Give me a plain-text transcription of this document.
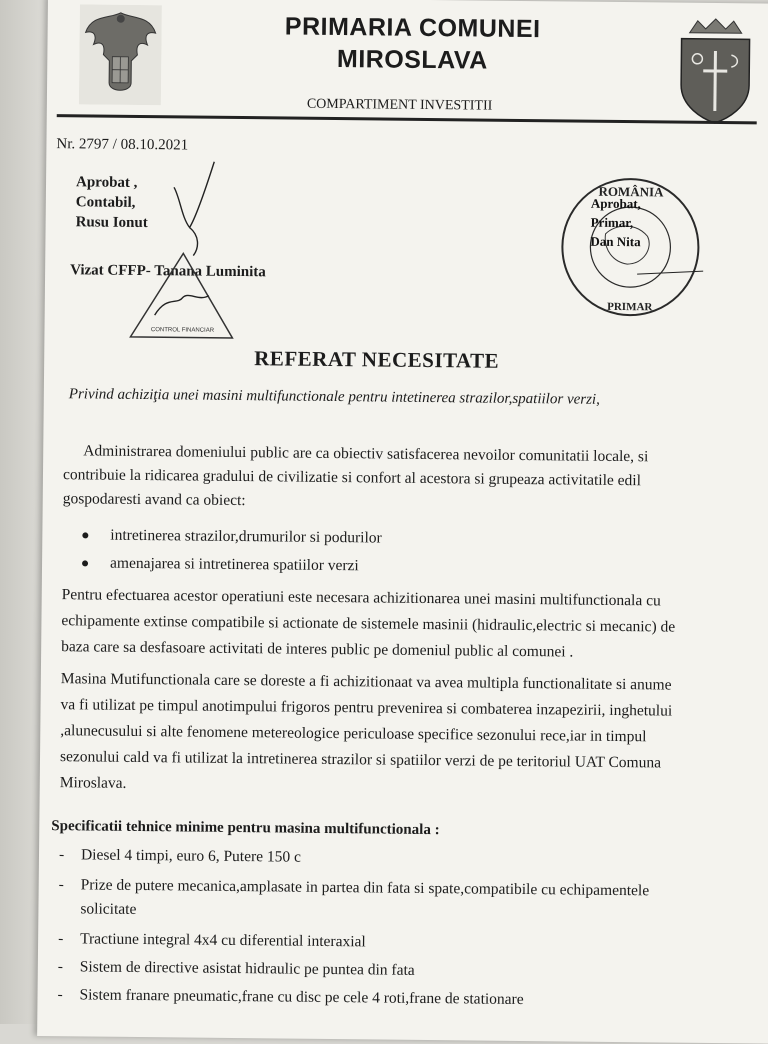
PRIMARIA COMUNEI
MIROSLAVA
COMPARTIMENT INVESTITII
Nr. 2797 / 08.10.2021
Aprobat ,
Contabil,
Rusu Ionut
Vizat CFFP- Tanana Luminita
CONTROL FINANCIAR
ROMÂNIA
PRIMAR
Aprobat,
Primar,
Dan Nita
REFERAT NECESITATE
Privind achiziţia unei masini multifunctionale pentru intetinerea strazilor,spatiilor verzi,
Administrarea domeniului public are ca obiectiv satisfacerea nevoilor comunitatii locale, si
contribuie la ridicarea gradului de civilizatie si confort al acestora si grupeaza activitatile edil
gospodaresti avand ca obiect:
intretinerea strazilor,drumurilor si podurilor
amenajarea si intretinerea spatiilor verzi
Pentru efectuarea acestor operatiuni este necesara achizitionarea unei masini multifunctionala cu
echipamente extinse compatibile si actionate de sistemele masinii (hidraulic,electric si mecanic) de
baza care sa desfasoare activitati de interes public pe domeniul public al comunei .
Masina Mutifunctionala care se doreste a fi achizitionaat va avea multipla functionalitate si anume
va fi utilizat pe timpul anotimpului frigoros pentru prevenirea si combaterea inzapezirii, inghetului
,alunecusului si alte fenomene metereologice periculoase specifice sezonului rece,iar in timpul
sezonului cald va fi utilizat la intretinerea strazilor si spatiilor verzi de pe teritoriul UAT Comuna
Miroslava.
Specificatii tehnice minime pentru masina multifunctionala :
- Diesel 4 timpi, euro 6, Putere 150 c
- Prize de putere mecanica,amplasate in partea din fata si spate,compatibile cu echipamentele
solicitate
- Tractiune integral 4x4 cu diferential interaxial
- Sistem de directive asistat hidraulic pe puntea din fata
- Sistem franare pneumatic,frane cu disc pe cele 4 roti,frane de stationare
